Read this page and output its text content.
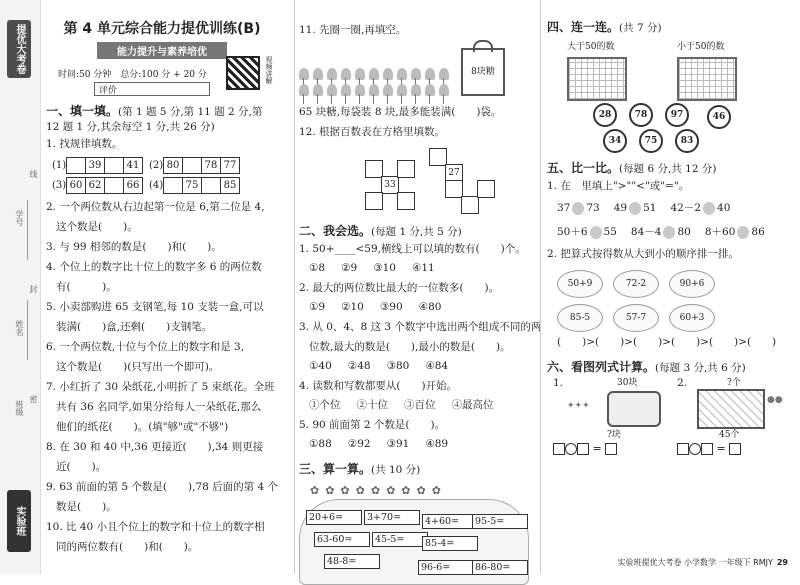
提优大考卷
学号
姓名
班级
线
封
密
实验班
第 4 单元综合能力提优训练(B)
能力提升与素养培优
时间:50 分钟 总分:100 分 + 20 分
评价
视频讲解
一、填一填。(第 1 题 5 分,第 11 题 2 分,第 12 题 1 分,其余每空 1 分,共 26 分)
1. 找规律填数。
(1)	39	41 (2) 80	78 77
(3) 60 62	66 (4)	75	85
2. 一个两位数从右边起第一位是 6,第二位是 4,
这个数是(　　)。
3. 与 99 相邻的数是(　　)和(　　)。
4. 个位上的数字比十位上的数字多 6 的两位数
有(　　　)。
5. 小卖部购进 65 支钢笔,每 10 支装一盒,可以
装满(　　)盒,还剩(　　)支钢笔。
6. 一个两位数,十位与个位上的数字和是 3,
这个数是(　　)(只写出一个即可)。
7. 小红折了 30 朵纸花,小明折了 5 束纸花。全班
共有 36 名同学,如果分给每人一朵纸花,那么
他们的纸花(　　)。(填"够"或"不够")
8. 在 30 和 40 中,36 更接近(　　),34 则更接
近(　　)。
9. 63 前面的第 5 个数是(　　),78 后面的第 4 个
数是(　　)。
10. 比 40 小且个位上的数字和十位上的数字相
同的两位数有(　　)和(　　)。
11. 先圈一圈,再填空。
8块糖
65 块糖,每袋装 8 块,最多能装满(　　)袋。
12. 根据百数表在方格里填数。
33
27
二、我会选。(每题 1 分,共 5 分)
1. 50+____<59,横线上可以填的数有(　　)个。
①8 ②9 ③10 ④11
2. 最大的两位数比最大的一位数多(　　)。
①9 ②10 ③90 ④80
3. 从 0、4、8 这 3 个数字中选出两个组成不同的两
位数,最大的数是(　　),最小的数是(　　)。
①40 ②48 ③80 ④84
4. 读数和写数都要从(　　)开始。
①个位 ②十位 ③百位 ④最高位
5. 90 前面第 2 个数是(　　)。
①88 ②92 ③91 ④89
三、算一算。(共 10 分)
✿✿✿✿✿✿✿✿✿
20+6=	3+70=	4+60=	95-5=
63-60=	45-5=	85-4=
48-8=
96-6=	86-80=
四、连一连。(共 7 分)
大于50的数	小于50的数
28	78	97
34	75	83
46
五、比一比。(每题 6 分,共 12 分)
1. 在　里填上">""<"或"="。
37 73 49 51 42－2 40
50＋6 55 84－4 80 8＋60 86
2. 把算式按得数从大到小的顺序排一排。
50+9	72-2	90+6
85-5	57-7	60+3
(　　)>(　　)>(　　)>(　　)>(　　)>(　　)
六、看图列式计算。(每题 3 分,共 6 分)
1.	30块
✦✦✦
?块
=
2.	?个
●●
45个
=
实验班提优大考卷 小学数学 一年级下 RMJY 29
